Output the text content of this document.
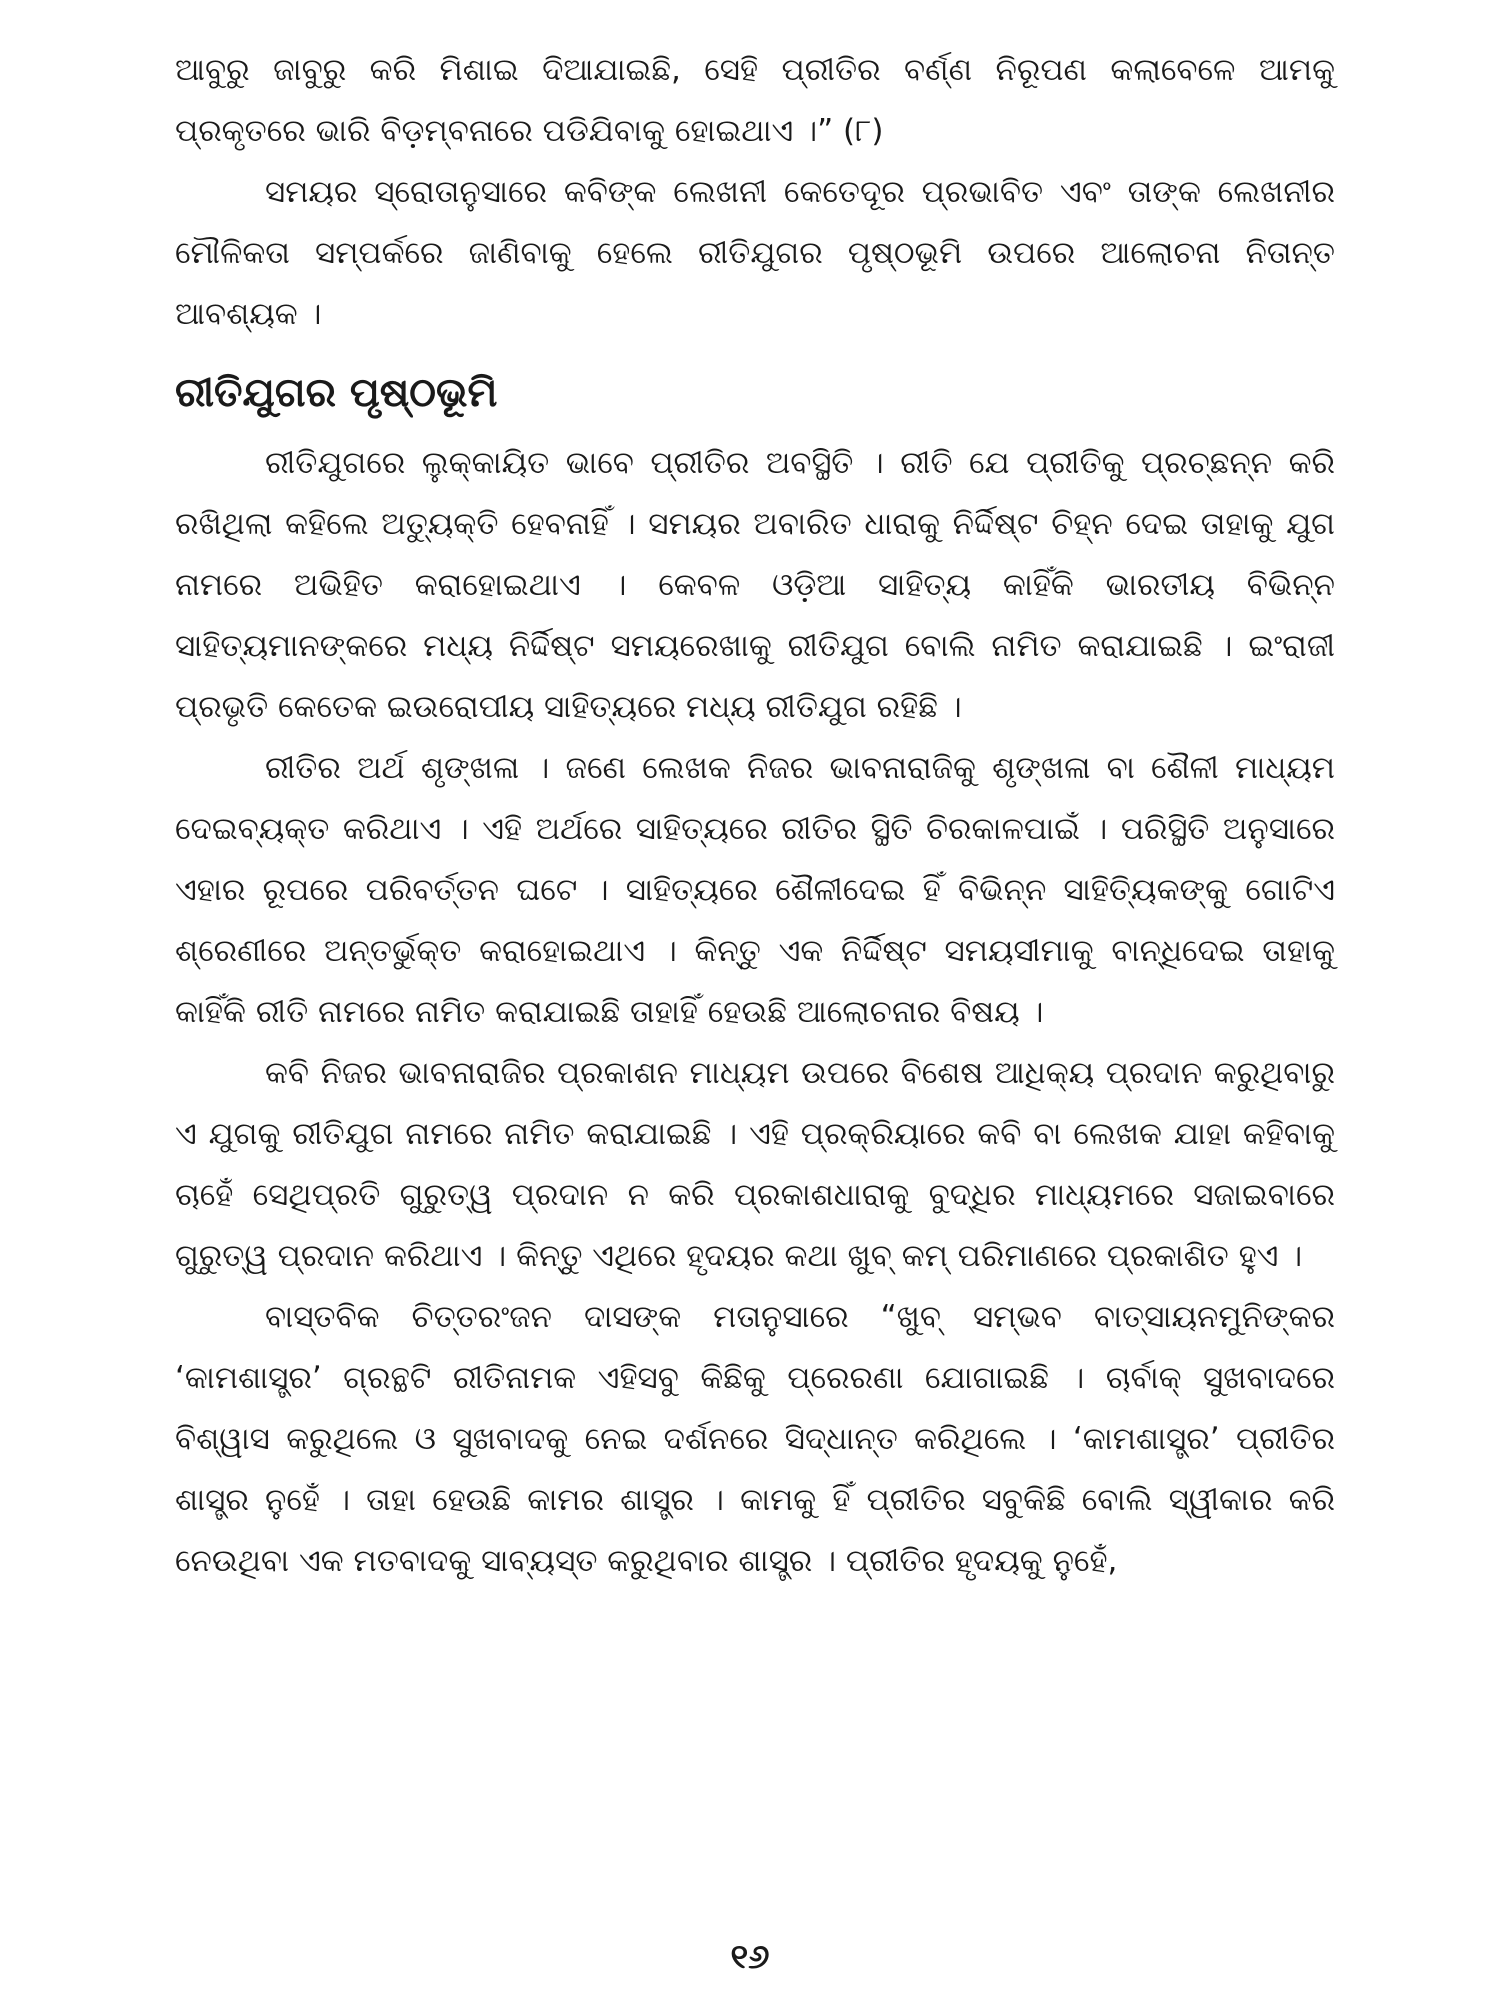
ଆବୁରୁ ଜାବୁରୁ କରି ମିଶାଇ ଦିଆଯାଇଛି, ସେହି ପ୍ରୀତିର ବର୍ଣ୍ଣ ନିରୂପଣ କଲାବେଳେ ଆମକୁ ପ୍ରକୃତରେ ଭାରି ବିଡ଼ମ୍ବନାରେ ପଡିଯିବାକୁ ହୋଇଥାଏ ।” (୮)

ସମୟର ସ୍ରୋତାନୁସାରେ କବିଙ୍କ ଲେଖନୀ କେତେଦୂର ପ୍ରଭାବିତ ଏବଂ ତାଙ୍କ ଲେଖନୀର ମୌଳିକତା ସମ୍ପର୍କରେ ଜାଣିବାକୁ ହେଲେ ରୀତିଯୁଗର ପୃଷ୍ଠଭୂମି ଉପରେ ଆଲୋଚନା ନିତାନ୍ତ ଆବଶ୍ୟକ ।

ରୀତିଯୁଗର ପୃଷ୍ଠଭୂମି

ରୀତିଯୁଗରେ ଲୁକ୍‌କାୟିତ ଭାବେ ପ୍ରୀତିର ଅବସ୍ଥିତି । ରୀତି ଯେ ପ୍ରୀତିକୁ ପ୍ରଚ୍ଛନ୍ନ କରି ରଖିଥିଲା କହିଲେ ଅତ୍ୟୁକ୍ତି ହେବନାହିଁ । ସମୟର ଅବାରିତ ଧାରାକୁ ନିର୍ଦ୍ଦିଷ୍ଟ ଚିହ୍ନ ଦେଇ ତାହାକୁ ଯୁଗ ନାମରେ ଅଭିହିତ କରାହୋଇଥାଏ । କେବଳ ଓଡ଼ିଆ ସାହିତ୍ୟ କାହିଁକି ଭାରତୀୟ ବିଭିନ୍ନ ସାହିତ୍ୟମାନଙ୍କରେ ମଧ୍ୟ ନିର୍ଦ୍ଦିଷ୍ଟ ସମୟରେଖାକୁ ରୀତିଯୁଗ ବୋଲି ନାମିତ କରାଯାଇଛି । ଇଂରାଜୀ ପ୍ରଭୃତି କେତେକ ଇଉରୋପୀୟ ସାହିତ୍ୟରେ ମଧ୍ୟ ରୀତିଯୁଗ ରହିଛି ।

ରୀତିର ଅର୍ଥ ଶୃଙ୍ଖଳା । ଜଣେ ଲେଖକ ନିଜର ଭାବନାରାଜିକୁ ଶୃଙ୍ଖଳା ବା ଶୈଳୀ ମାଧ୍ୟମ ଦେଇବ୍ୟକ୍ତ କରିଥାଏ । ଏହି ଅର୍ଥରେ ସାହିତ୍ୟରେ ରୀତିର ସ୍ଥିତି ଚିରକାଳପାଇଁ । ପରିସ୍ଥିତି ଅନୁସାରେ ଏହାର ରୂପରେ ପରିବର୍ତ୍ତନ ଘଟେ । ସାହିତ୍ୟରେ ଶୈଳୀଦେଇ ହିଁ ବିଭିନ୍ନ ସାହିତ୍ୟିକଙ୍କୁ ଗୋଟିଏ ଶ୍ରେଣୀରେ ଅନ୍ତର୍ଭୁକ୍ତ କରାହୋଇଥାଏ । କିନ୍ତୁ ଏକ ନିର୍ଦ୍ଦିଷ୍ଟ ସମୟସୀମାକୁ ବାନ୍ଧିଦେଇ ତାହାକୁ କାହିଁକି ରୀତି ନାମରେ ନାମିତ କରାଯାଇଛି ତାହାହିଁ ହେଉଛି ଆଲୋଚନାର ବିଷୟ ।

କବି ନିଜର ଭାବନାରାଜିର ପ୍ରକାଶନ ମାଧ୍ୟମ ଉପରେ ବିଶେଷ ଆଧିକ୍ୟ ପ୍ରଦାନ କରୁଥିବାରୁ ଏ ଯୁଗକୁ ରୀତିଯୁଗ ନାମରେ ନାମିତ କରାଯାଇଛି । ଏହି ପ୍ରକ୍ରିୟାରେ କବି ବା ଲେଖକ ଯାହା କହିବାକୁ ଚାହେଁ ସେଥିପ୍ରତି ଗୁରୁତ୍ୱ ପ୍ରଦାନ ନ କରି ପ୍ରକାଶଧାରାକୁ ବୁଦ୍ଧିର ମାଧ୍ୟମରେ ସଜାଇବାରେ ଗୁରୁତ୍ୱ ପ୍ରଦାନ କରିଥାଏ । କିନ୍ତୁ ଏଥିରେ ହୃଦୟର କଥା ଖୁବ୍ କମ୍ ପରିମାଣରେ ପ୍ରକାଶିତ ହୁଏ ।

ବାସ୍ତବିକ ଚିତ୍ତରଂଜନ ଦାସଙ୍କ ମତାନୁସାରେ “ଖୁବ୍ ସମ୍ଭବ ବାତ୍ସାୟନମୁନିଙ୍କର ‘କାମଶାସ୍ତ୍ର’ ଗ୍ରନ୍ଥଟି ରୀତିନାମକ ଏହିସବୁ କିଛିକୁ ପ୍ରେରଣା ଯୋଗାଇଛି । ଚାର୍ବାକ୍ ସୁଖବାଦରେ ବିଶ୍ୱାସ କରୁଥିଲେ ଓ ସୁଖବାଦକୁ ନେଇ ଦର୍ଶନରେ ସିଦ୍ଧାନ୍ତ କରିଥିଲେ । ‘କାମଶାସ୍ତ୍ର’ ପ୍ରୀତିର ଶାସ୍ତ୍ର ନୁହେଁ । ତାହା ହେଉଛି କାମର ଶାସ୍ତ୍ର । କାମକୁ ହିଁ ପ୍ରୀତିର ସବୁକିଛି ବୋଲି ସ୍ୱୀକାର କରି ନେଉଥିବା ଏକ ମତବାଦକୁ ସାବ୍ୟସ୍ତ କରୁଥିବାର ଶାସ୍ତ୍ର । ପ୍ରୀତିର ହୃଦୟକୁ ନୁହେଁ,

୧୬
